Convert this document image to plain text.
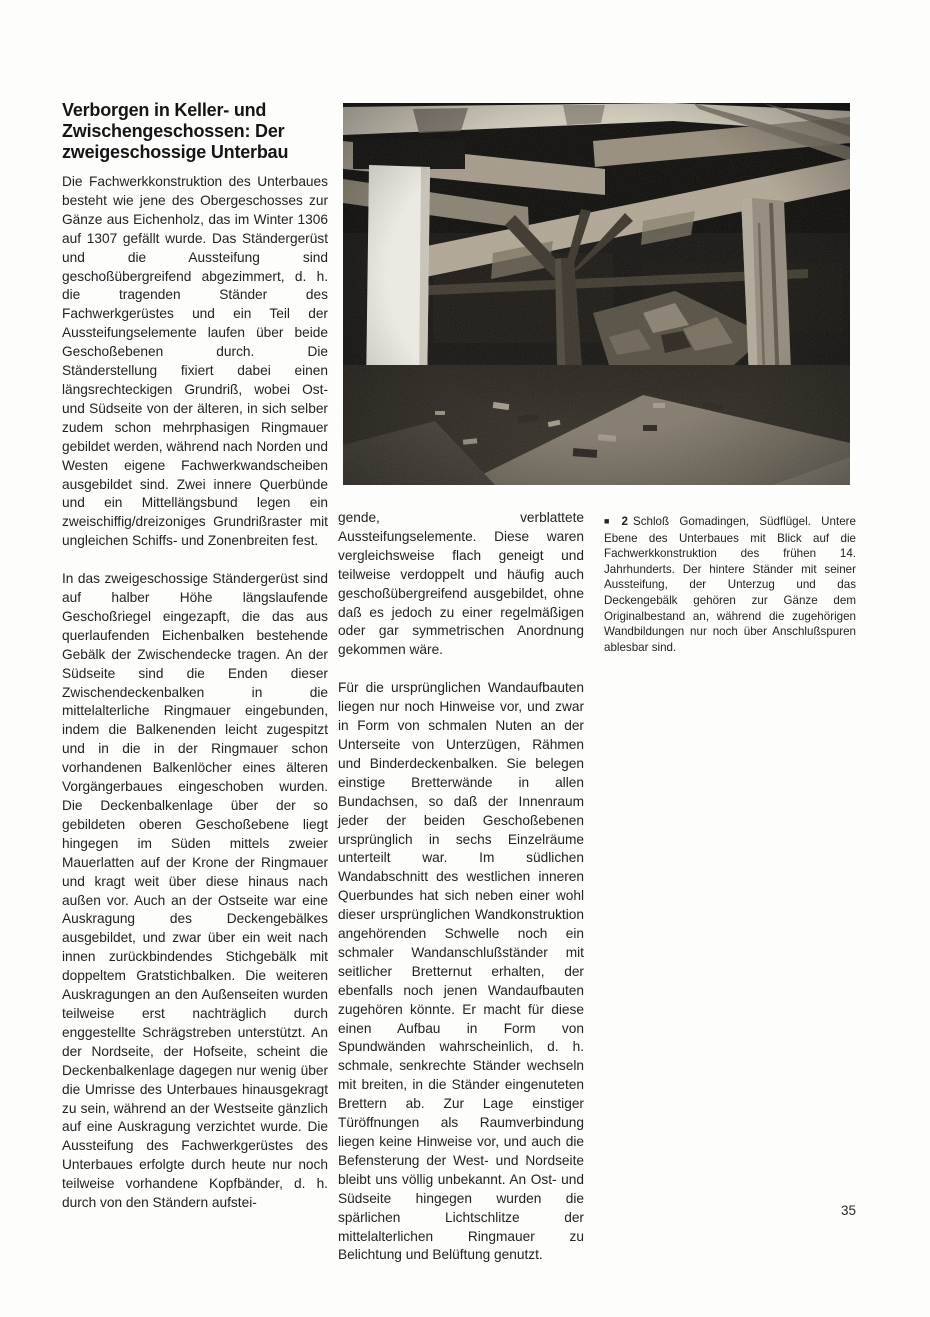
Verborgen in Keller- und Zwischengeschossen: Der zweigeschossige Unterbau

Die Fachwerkkonstruktion des Unterbaues besteht wie jene des Obergeschosses zur Gänze aus Eichenholz, das im Winter 1306 auf 1307 gefällt wurde. Das Ständergerüst und die Aussteifung sind geschoßübergreifend abgezimmert, d. h. die tragenden Ständer des Fachwerkgerüstes und ein Teil der Aussteifungselemente laufen über beide Geschoßebenen durch. Die Ständerstellung fixiert dabei einen längsrechteckigen Grundriß, wobei Ost- und Südseite von der älteren, in sich selber zudem schon mehrphasigen Ringmauer gebildet werden, während nach Norden und Westen eigene Fachwerkwandscheiben ausgebildet sind. Zwei innere Querbünde und ein Mittellängsbund legen ein zweischiffig/dreizoniges Grundrißraster mit ungleichen Schiffs- und Zonenbreiten fest.

In das zweigeschossige Ständergerüst sind auf halber Höhe längslaufende Geschoßriegel eingezapft, die das aus querlaufenden Eichenbalken bestehende Gebälk der Zwischendecke tragen. An der Südseite sind die Enden dieser Zwischendeckenbalken in die mittelalterliche Ringmauer eingebunden, indem die Balkenenden leicht zugespitzt und in die in der Ringmauer schon vorhandenen Balkenlöcher eines älteren Vorgängerbaues eingeschoben wurden. Die Deckenbalkenlage über der so gebildeten oberen Geschoßebene liegt hingegen im Süden mittels zweier Mauerlatten auf der Krone der Ringmauer und kragt weit über diese hinaus nach außen vor. Auch an der Ostseite war eine Auskragung des Deckengebälkes ausgebildet, und zwar über ein weit nach innen zurückbindendes Stichgebälk mit doppeltem Gratstichbalken. Die weiteren Auskragungen an den Außenseiten wurden teilweise erst nachträglich durch enggestellte Schrägstreben unterstützt. An der Nordseite, der Hofseite, scheint die Deckenbalkenlage dagegen nur wenig über die Umrisse des Unterbaues hinausgekragt zu sein, während an der Westseite gänzlich auf eine Auskragung verzichtet wurde. Die Aussteifung des Fachwerkgerüstes des Unterbaues erfolgte durch heute nur noch teilweise vorhandene Kopfbänder, d. h. durch von den Ständern aufstei-

gende, verblattete Aussteifungselemente. Diese waren vergleichsweise flach geneigt und teilweise verdoppelt und häufig auch geschoßübergreifend ausgebildet, ohne daß es jedoch zu einer regelmäßigen oder gar symmetrischen Anordnung gekommen wäre.

Für die ursprünglichen Wandaufbauten liegen nur noch Hinweise vor, und zwar in Form von schmalen Nuten an der Unterseite von Unterzügen, Rähmen und Binderdeckenbalken. Sie belegen einstige Bretterwände in allen Bundachsen, so daß der Innenraum jeder der beiden Geschoßebenen ursprünglich in sechs Einzelräume unterteilt war. Im südlichen Wandabschnitt des westlichen inneren Querbundes hat sich neben einer wohl dieser ursprünglichen Wandkonstruktion angehörenden Schwelle noch ein schmaler Wandanschlußständer mit seitlicher Bretternut erhalten, der ebenfalls noch jenen Wandaufbauten zugehören könnte. Er macht für diese einen Aufbau in Form von Spundwänden wahrscheinlich, d. h. schmale, senkrechte Ständer wechseln mit breiten, in die Ständer eingenuteten Brettern ab. Zur Lage einstiger Türöffnungen als Raumverbindung liegen keine Hinweise vor, und auch die Befensterung der West- und Nordseite bleibt uns völlig unbekannt. An Ost- und Südseite hingegen wurden die spärlichen Lichtschlitze der mittelalterlichen Ringmauer zu Belichtung und Belüftung genutzt.

■ 2 Schloß Gomadingen, Südflügel. Untere Ebene des Unterbaues mit Blick auf die Fachwerkkonstruktion des frühen 14. Jahrhunderts. Der hintere Ständer mit seiner Aussteifung, der Unterzug und das Deckengebälk gehören zur Gänze dem Originalbestand an, während die zugehörigen Wandbildungen nur noch über Anschlußspuren ablesbar sind.
35
